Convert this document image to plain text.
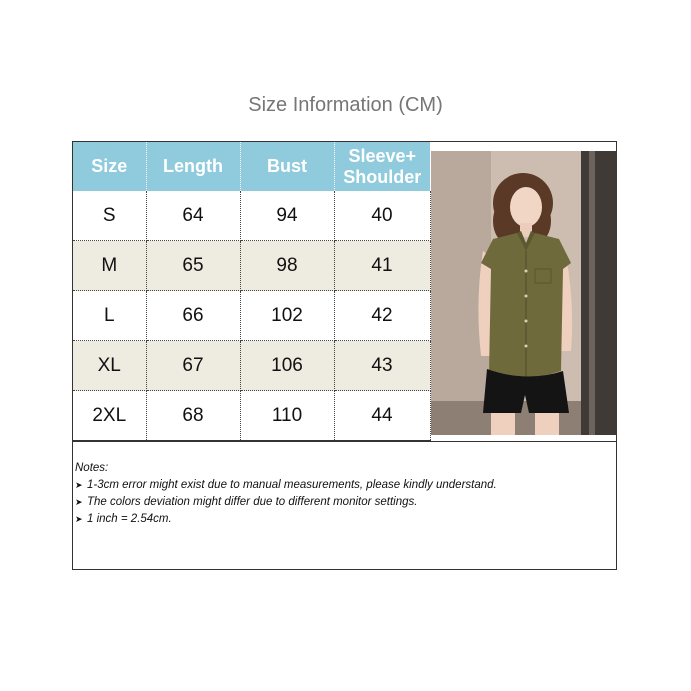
Size Information (CM)
Size	Length	Bust	Sleeve+
Shoulder
S	64	94	40
M	65	98	41
L	66	102	42
XL	67	106	43
2XL	68	110	44
Notes:
➤ 1-3cm error might exist due to manual measurements, please kindly understand.
➤ The colors deviation might differ due to different monitor settings.
➤ 1 inch = 2.54cm.
